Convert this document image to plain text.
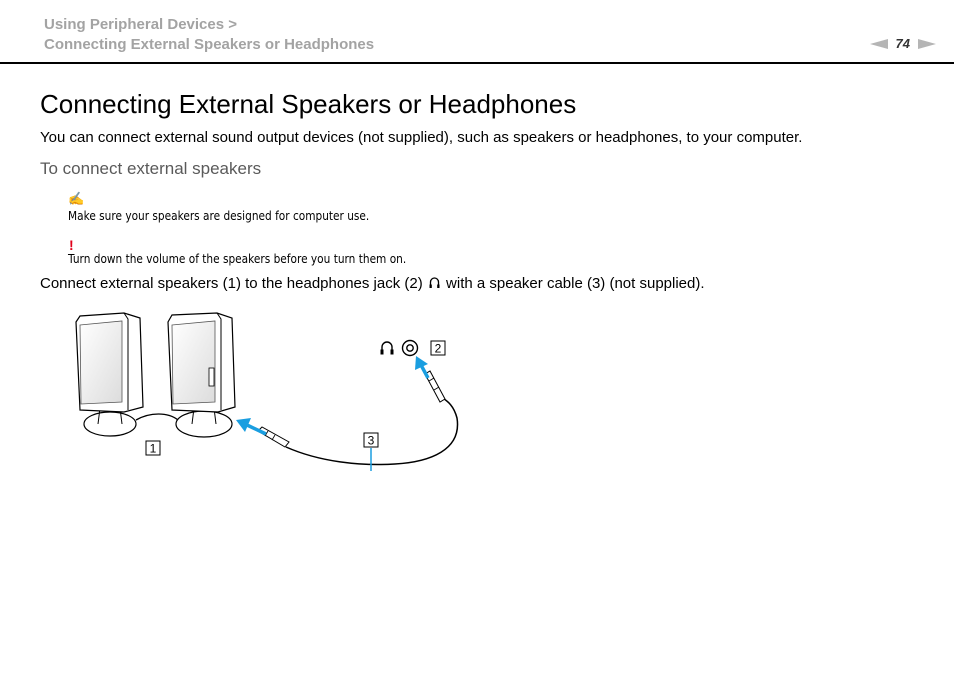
Using Peripheral Devices >
Connecting External Speakers or Headphones	74
Connecting External Speakers or Headphones
You can connect external sound output devices (not supplied), such as speakers or headphones, to your computer.
To connect external speakers
✍
Make sure your speakers are designed for computer use.
!
Turn down the volume of the speakers before you turn them on.
Connect external speakers (1) to the headphones jack (2)  with a speaker cable (3) (not supplied).
1
2
3
